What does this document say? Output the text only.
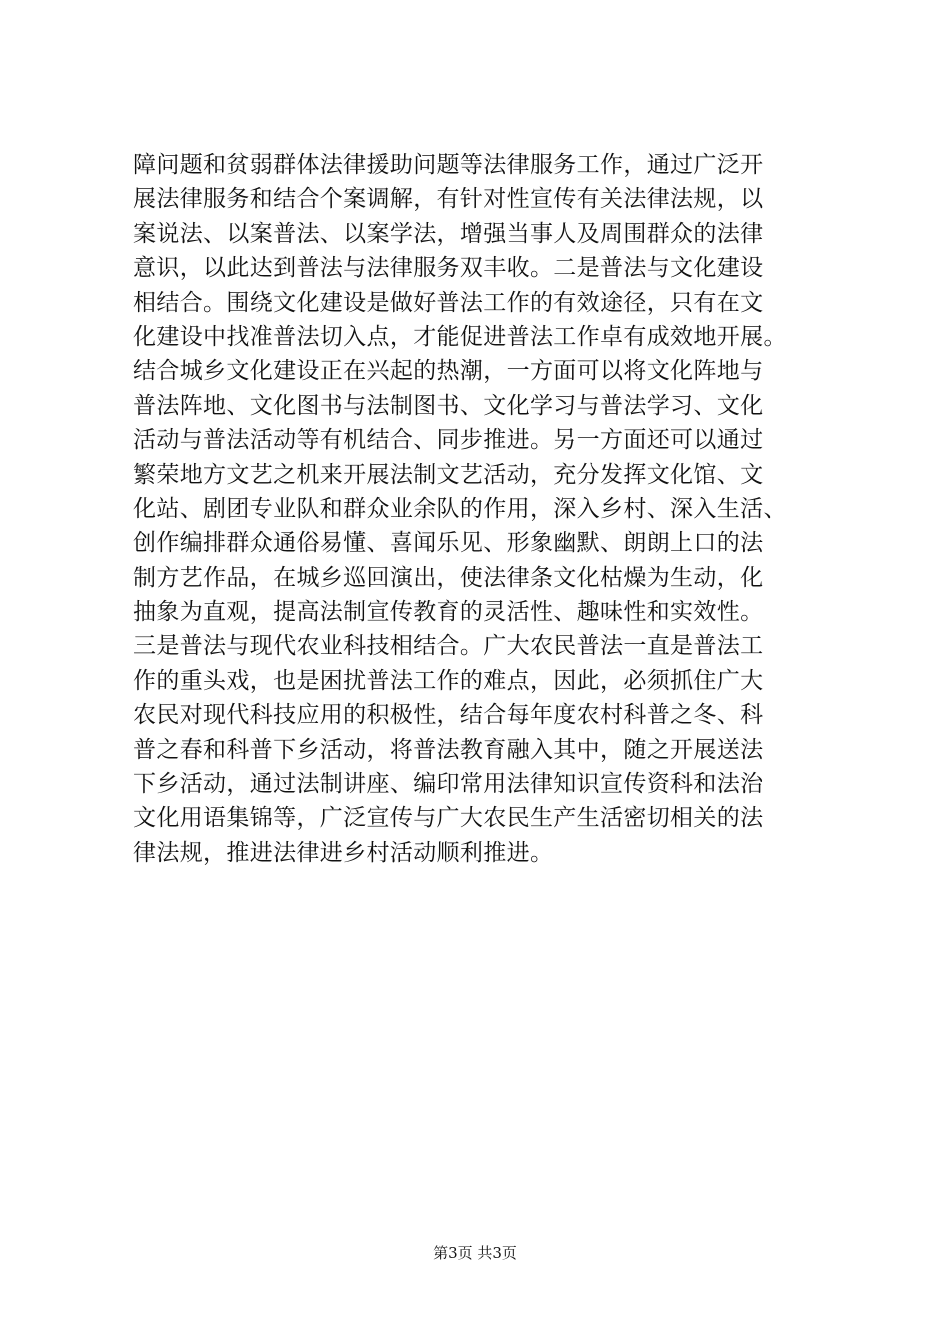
障问题和贫弱群体法律援助问题等法律服务工作，通过广泛开
展法律服务和结合个案调解，有针对性宣传有关法律法规，以
案说法、以案普法、以案学法，增强当事人及周围群众的法律
意识，以此达到普法与法律服务双丰收。二是普法与文化建设
相结合。围绕文化建设是做好普法工作的有效途径，只有在文
化建设中找准普法切入点，才能促进普法工作卓有成效地开展。
结合城乡文化建设正在兴起的热潮，一方面可以将文化阵地与
普法阵地、文化图书与法制图书、文化学习与普法学习、文化
活动与普法活动等有机结合、同步推进。另一方面还可以通过
繁荣地方文艺之机来开展法制文艺活动，充分发挥文化馆、文
化站、剧团专业队和群众业余队的作用，深入乡村、深入生活、
创作编排群众通俗易懂、喜闻乐见、形象幽默、朗朗上口的法
制方艺作品，在城乡巡回演出，使法律条文化枯燥为生动，化
抽象为直观，提高法制宣传教育的灵活性、趣味性和实效性。
三是普法与现代农业科技相结合。广大农民普法一直是普法工
作的重头戏，也是困扰普法工作的难点，因此，必须抓住广大
农民对现代科技应用的积极性，结合每年度农村科普之冬、科
普之春和科普下乡活动，将普法教育融入其中，随之开展送法
下乡活动，通过法制讲座、编印常用法律知识宣传资科和法治
文化用语集锦等，广泛宣传与广大农民生产生活密切相关的法
律法规，推进法律进乡村活动顺利推进。
第3页 共3页
